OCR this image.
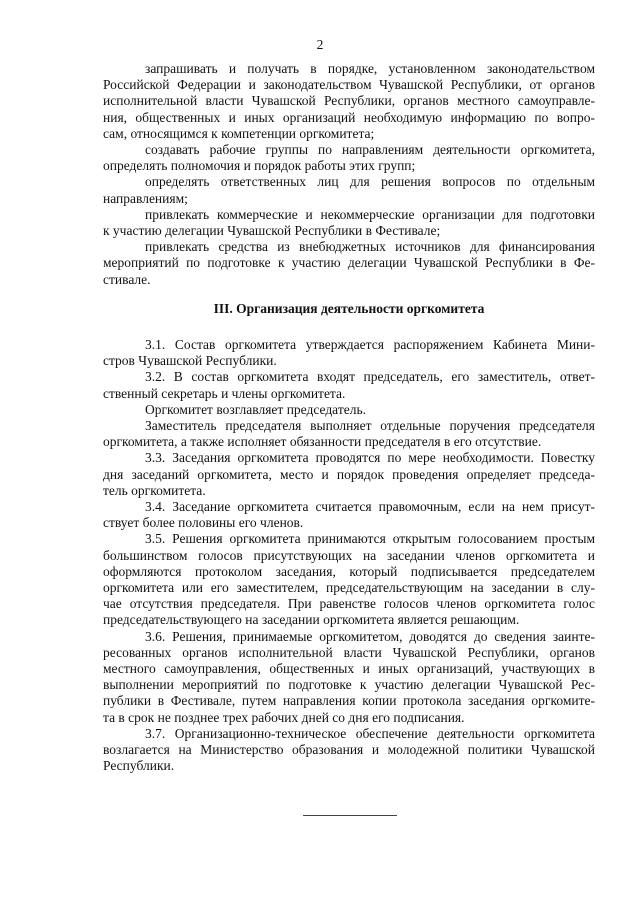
2
запрашивать и получать в порядке, установленном законодательством
Российской Федерации и законодательством Чувашской Республики, от органов
исполнительной власти Чувашской Республики, органов местного самоуправле-
ния, общественных и иных организаций необходимую информацию по вопро-
сам, относящимся к компетенции оргкомитета;
создавать рабочие группы по направлениям деятельности оргкомитета,
определять полномочия и порядок работы этих групп;
определять ответственных лиц для решения вопросов по отдельным
направлениям;
привлекать коммерческие и некоммерческие организации для подготовки
к участию делегации Чувашской Республики в Фестивале;
привлекать средства из внебюджетных источников для финансирования
мероприятий по подготовке к участию делегации Чувашской Республики в Фе-
стивале.
III. Организация деятельности оргкомитета
3.1. Состав оргкомитета утверждается распоряжением Кабинета Мини-
стров Чувашской Республики.
3.2. В состав оргкомитета входят председатель, его заместитель, ответ-
ственный секретарь и члены оргкомитета.
Оргкомитет возглавляет председатель.
Заместитель председателя выполняет отдельные поручения председателя
оргкомитета, а также исполняет обязанности председателя в его отсутствие.
3.3. Заседания оргкомитета проводятся по мере необходимости. Повестку
дня заседаний оргкомитета, место и порядок проведения определяет председа-
тель оргкомитета.
3.4. Заседание оргкомитета считается правомочным, если на нем присут-
ствует более половины его членов.
3.5. Решения оргкомитета принимаются открытым голосованием простым
большинством голосов присутствующих на заседании членов оргкомитета и
оформляются протоколом заседания, который подписывается председателем
оргкомитета или его заместителем, председательствующим на заседании в слу-
чае отсутствия председателя. При равенстве голосов членов оргкомитета голос
председательствующего на заседании оргкомитета является решающим.
3.6. Решения, принимаемые оргкомитетом, доводятся до сведения заинте-
ресованных органов исполнительной власти Чувашской Республики, органов
местного самоуправления, общественных и иных организаций, участвующих в
выполнении мероприятий по подготовке к участию делегации Чувашской Рес-
публики в Фестивале, путем направления копии протокола заседания оргкомите-
та в срок не позднее трех рабочих дней со дня его подписания.
3.7. Организационно-техническое обеспечение деятельности оргкомитета
возлагается на Министерство образования и молодежной политики Чувашской
Республики.
